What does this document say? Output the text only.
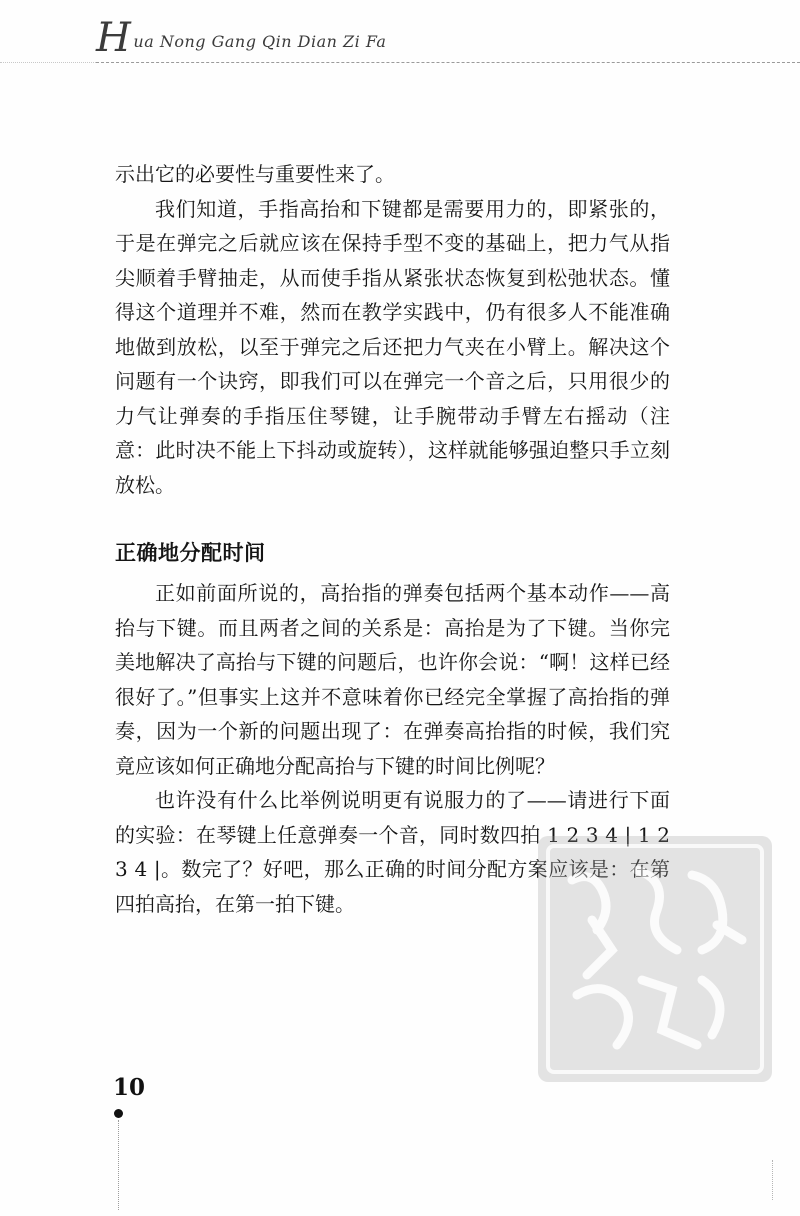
Hua Nong Gang Qin Dian Zi Fa

示出它的必要性与重要性来了。

我们知道，手指高抬和下键都是需要用力的，即紧张的，于是在弹完之后就应该在保持手型不变的基础上，把力气从指尖顺着手臂抽走，从而使手指从紧张状态恢复到松弛状态。懂得这个道理并不难，然而在教学实践中，仍有很多人不能准确地做到放松，以至于弹完之后还把力气夹在小臂上。解决这个问题有一个诀窍，即我们可以在弹完一个音之后，只用很少的力气让弹奏的手指压住琴键，让手腕带动手臂左右摇动（注意：此时决不能上下抖动或旋转），这样就能够强迫整只手立刻放松。

正确地分配时间

正如前面所说的，高抬指的弹奏包括两个基本动作——高抬与下键。而且两者之间的关系是：高抬是为了下键。当你完美地解决了高抬与下键的问题后，也许你会说：“啊！这样已经很好了。”但事实上这并不意味着你已经完全掌握了高抬指的弹奏，因为一个新的问题出现了：在弹奏高抬指的时候，我们究竟应该如何正确地分配高抬与下键的时间比例呢？

也许没有什么比举例说明更有说服力的了——请进行下面的实验：在琴键上任意弹奏一个音，同时数四拍 1 2 3 4 | 1 2 3 4 |。数完了？好吧，那么正确的时间分配方案应该是：在第四拍高抬，在第一拍下键。

10
